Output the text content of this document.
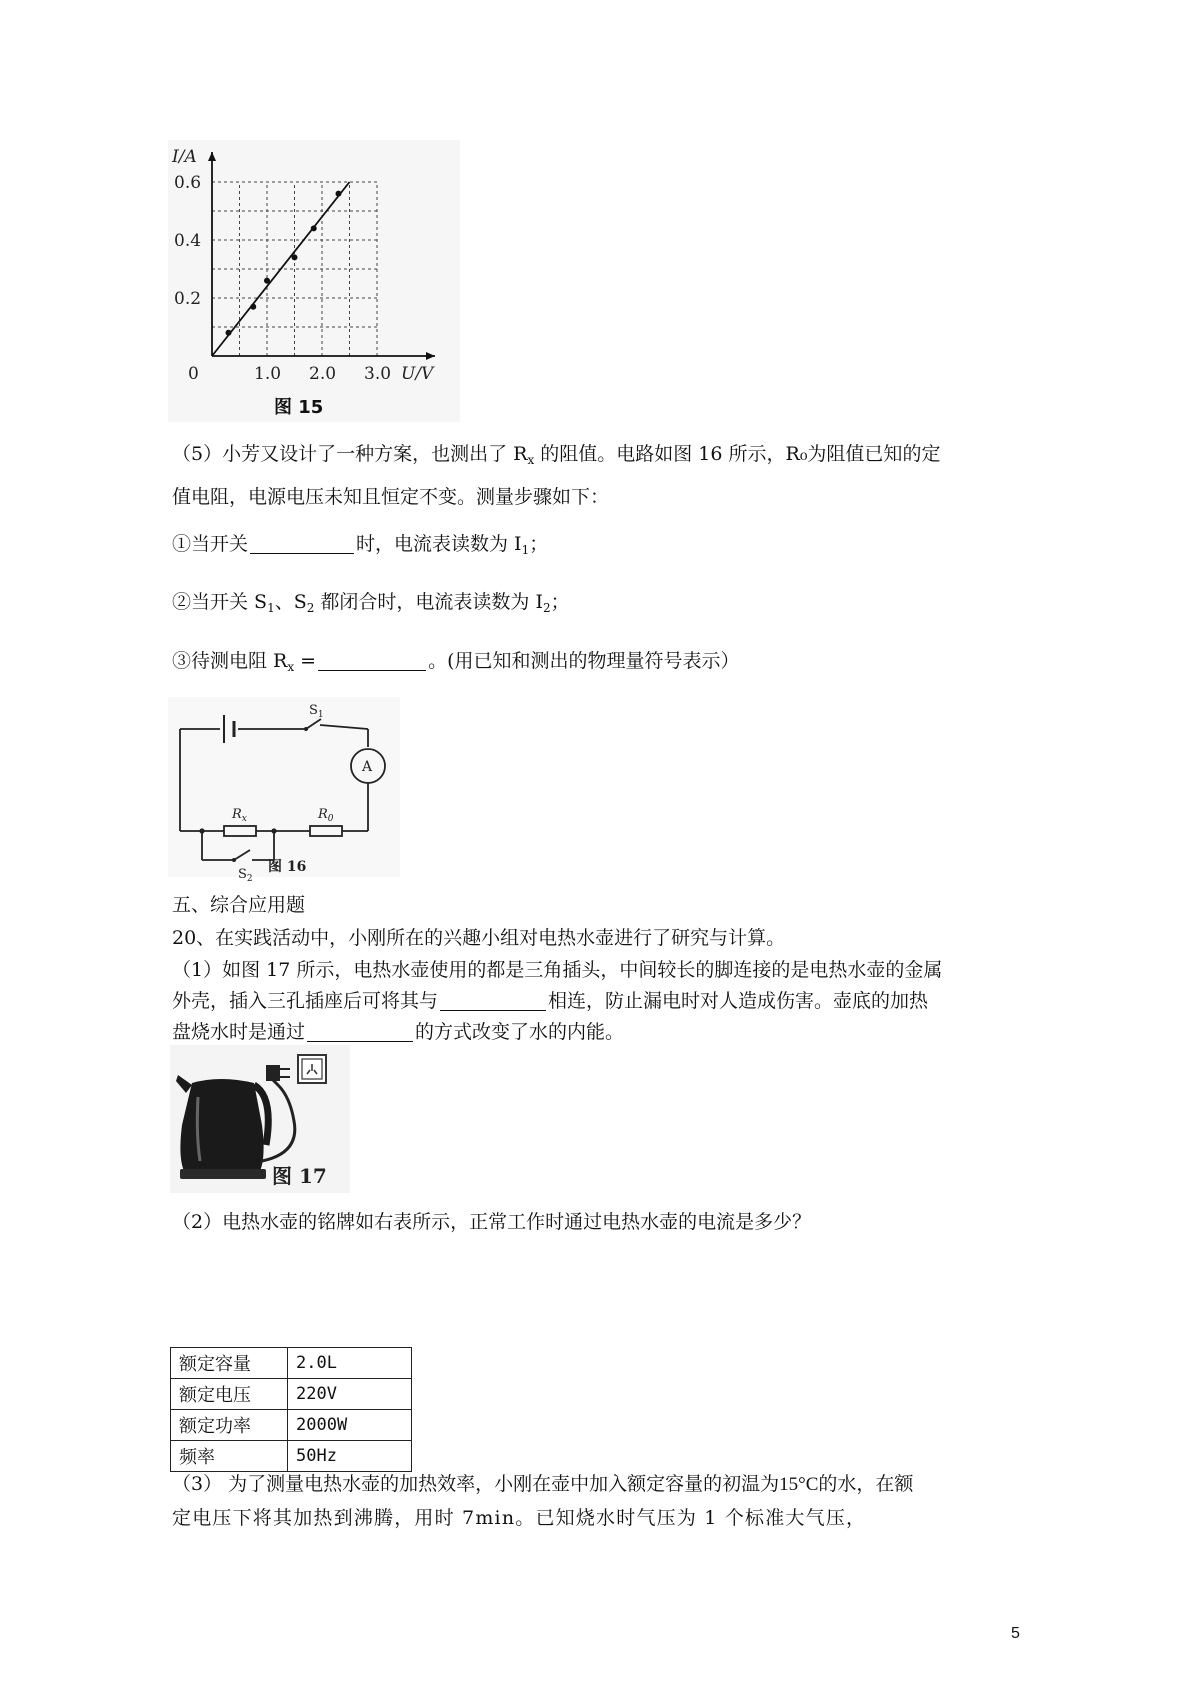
1.0 2.0 3.0
0.2
0.4
0.6
0
I/A
U/V
图 15
（5）小芳又设计了一种方案，也测出了 $R_x$ 的阻值。电路如图 16 所示，R₀为阻值已知的定
值电阻，电源电压未知且恒定不变。测量步骤如下：
①当开关	时，电流表读数为 $I_1$；
②当开关 $S_1$、$S_2$ 都闭合时，电流表读数为 $I_2$；
③待测电阻 $R_x$ =	。(用已知和测出的物理量符号表示）
$S_1$
A
$R_x$	$R_0$
$S_2$
图 16
五、综合应用题
20、在实践活动中，小刚所在的兴趣小组对电热水壶进行了研究与计算。
（1）如图 17 所示，电热水壶使用的都是三角插头，中间较长的脚连接的是电热水壶的金属
外壳，插入三孔插座后可将其与	相连，防止漏电时对人造成伤害。壶底的加热
盘烧水时是通过	的方式改变了水的内能。
图 17
（2）电热水壶的铭牌如右表所示，正常工作时通过电热水壶的电流是多少？
额定容量	2.0L
额定电压	220V
额定功率	2000W
频率	50Hz
（3） 为了测量电热水壶的加热效率，小刚在壶中加入额定容量的初温为15°C的水，在额
定电压下将其加热到沸腾，用时 7min。已知烧水时气压为 1 个标准大气压，
5
